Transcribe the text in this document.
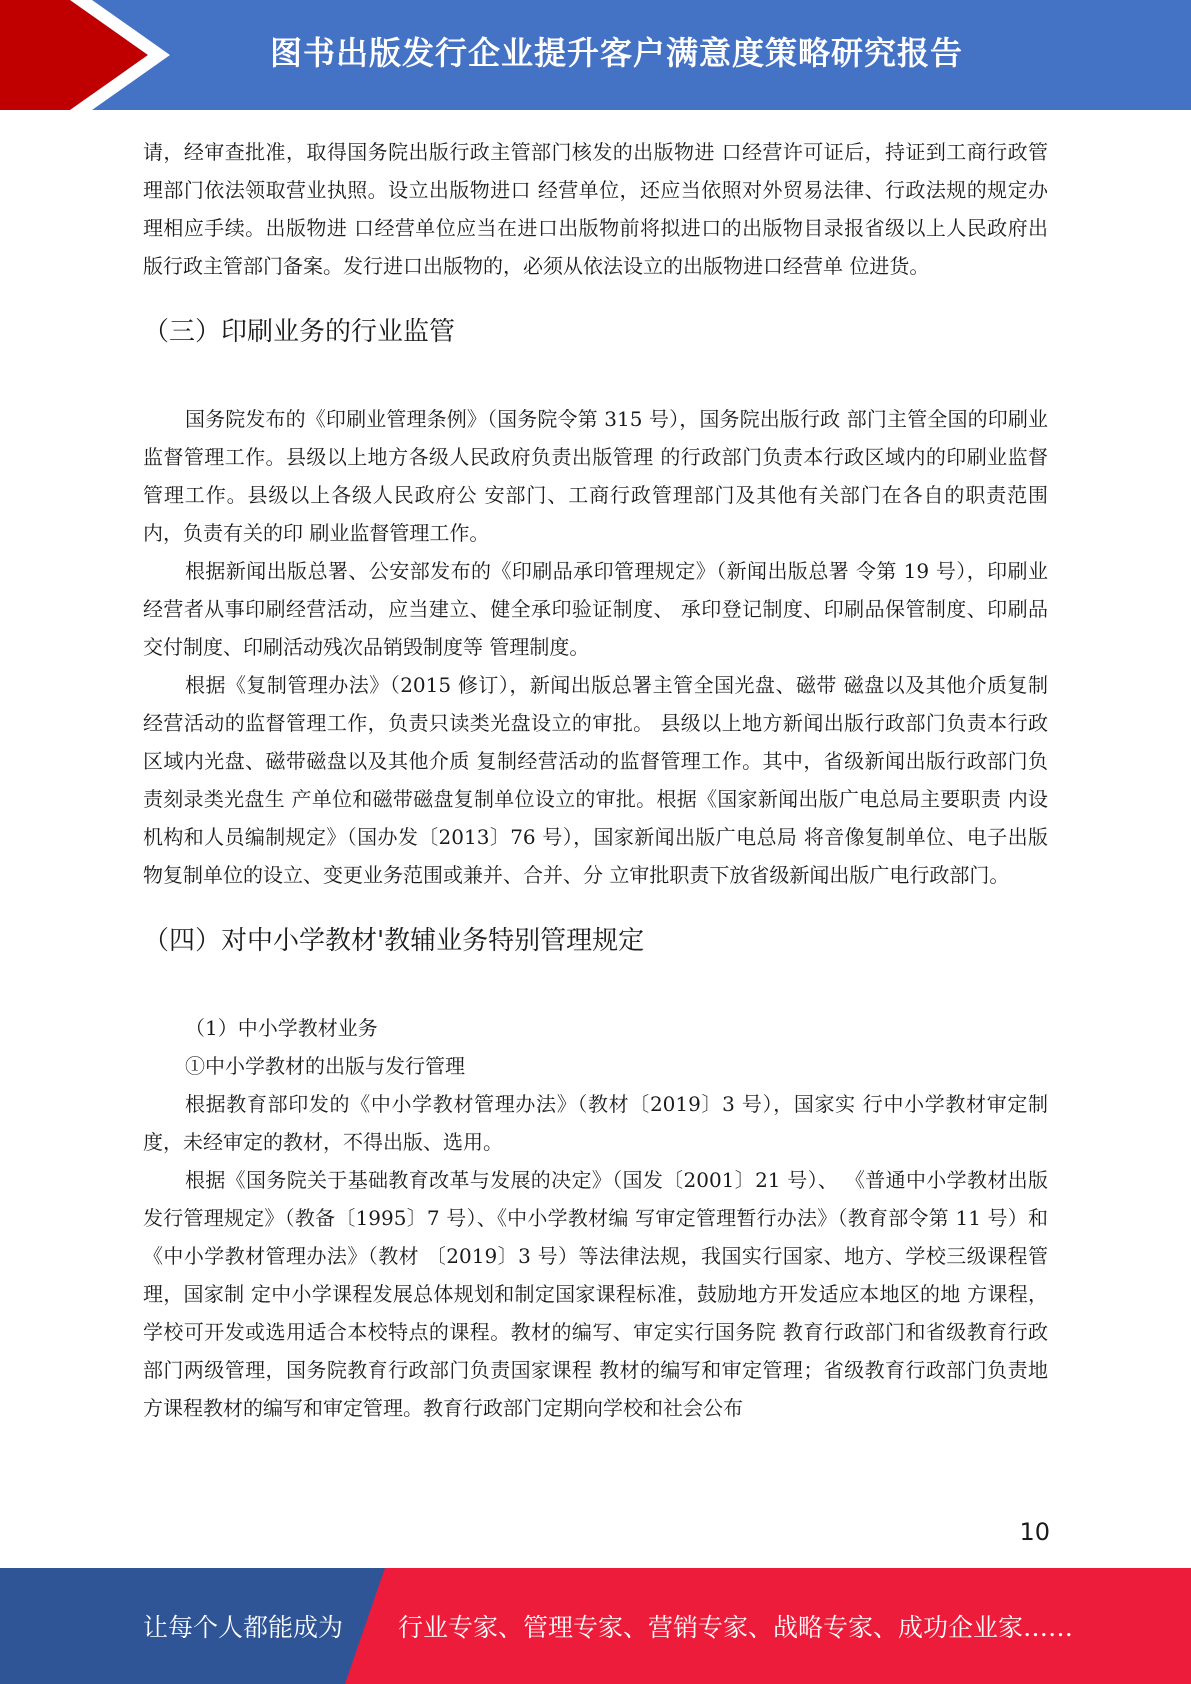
图书出版发行企业提升客户满意度策略研究报告

请，经审查批准，取得国务院出版行政主管部门核发的出版物进 口经营许可证后，持证到工商行政管理部门依法领取营业执照。设立出版物进口 经营单位，还应当依照对外贸易法律、行政法规的规定办理相应手续。出版物进 口经营单位应当在进口出版物前将拟进口的出版物目录报省级以上人民政府出 版行政主管部门备案。发行进口出版物的，必须从依法设立的出版物进口经营单 位进货。

（三）印刷业务的行业监管

国务院发布的《印刷业管理条例》（国务院令第 315 号），国务院出版行政 部门主管全国的印刷业监督管理工作。县级以上地方各级人民政府负责出版管理 的行政部门负责本行政区域内的印刷业监督管理工作。县级以上各级人民政府公 安部门、工商行政管理部门及其他有关部门在各自的职责范围内，负责有关的印 刷业监督管理工作。

根据新闻出版总署、公安部发布的《印刷品承印管理规定》（新闻出版总署 令第 19 号），印刷业经营者从事印刷经营活动，应当建立、健全承印验证制度、 承印登记制度、印刷品保管制度、印刷品交付制度、印刷活动残次品销毁制度等 管理制度。

根据《复制管理办法》（2015 修订），新闻出版总署主管全国光盘、磁带 磁盘以及其他介质复制经营活动的监督管理工作，负责只读类光盘设立的审批。 县级以上地方新闻出版行政部门负责本行政区域内光盘、磁带磁盘以及其他介质 复制经营活动的监督管理工作。其中，省级新闻出版行政部门负责刻录类光盘生 产单位和磁带磁盘复制单位设立的审批。根据《国家新闻出版广电总局主要职责 内设机构和人员编制规定》（国办发〔2013〕76 号），国家新闻出版广电总局 将音像复制单位、电子出版物复制单位的设立、变更业务范围或兼并、合并、分 立审批职责下放省级新闻出版广电行政部门。

（四）对中小学教材'教辅业务特别管理规定

（1）中小学教材业务

①中小学教材的出版与发行管理

根据教育部印发的《中小学教材管理办法》（教材〔2019〕3 号），国家实 行中小学教材审定制度，未经审定的教材，不得出版、选用。

根据《国务院关于基础教育改革与发展的决定》（国发〔2001〕21 号）、 《普通中小学教材出版发行管理规定》（教备〔1995〕7 号）、《中小学教材编 写审定管理暂行办法》（教育部令第 11 号）和《中小学教材管理办法》（教材 〔2019〕3 号）等法律法规，我国实行国家、地方、学校三级课程管理，国家制 定中小学课程发展总体规划和制定国家课程标准，鼓励地方开发适应本地区的地 方课程，学校可开发或选用适合本校特点的课程。教材的编写、审定实行国务院 教育行政部门和省级教育行政部门两级管理，国务院教育行政部门负责国家课程 教材的编写和审定管理；省级教育行政部门负责地方课程教材的编写和审定管理。教育行政部门定期向学校和社会公布

10
让每个人都能成为 行业专家、管理专家、营销专家、战略专家、成功企业家……
